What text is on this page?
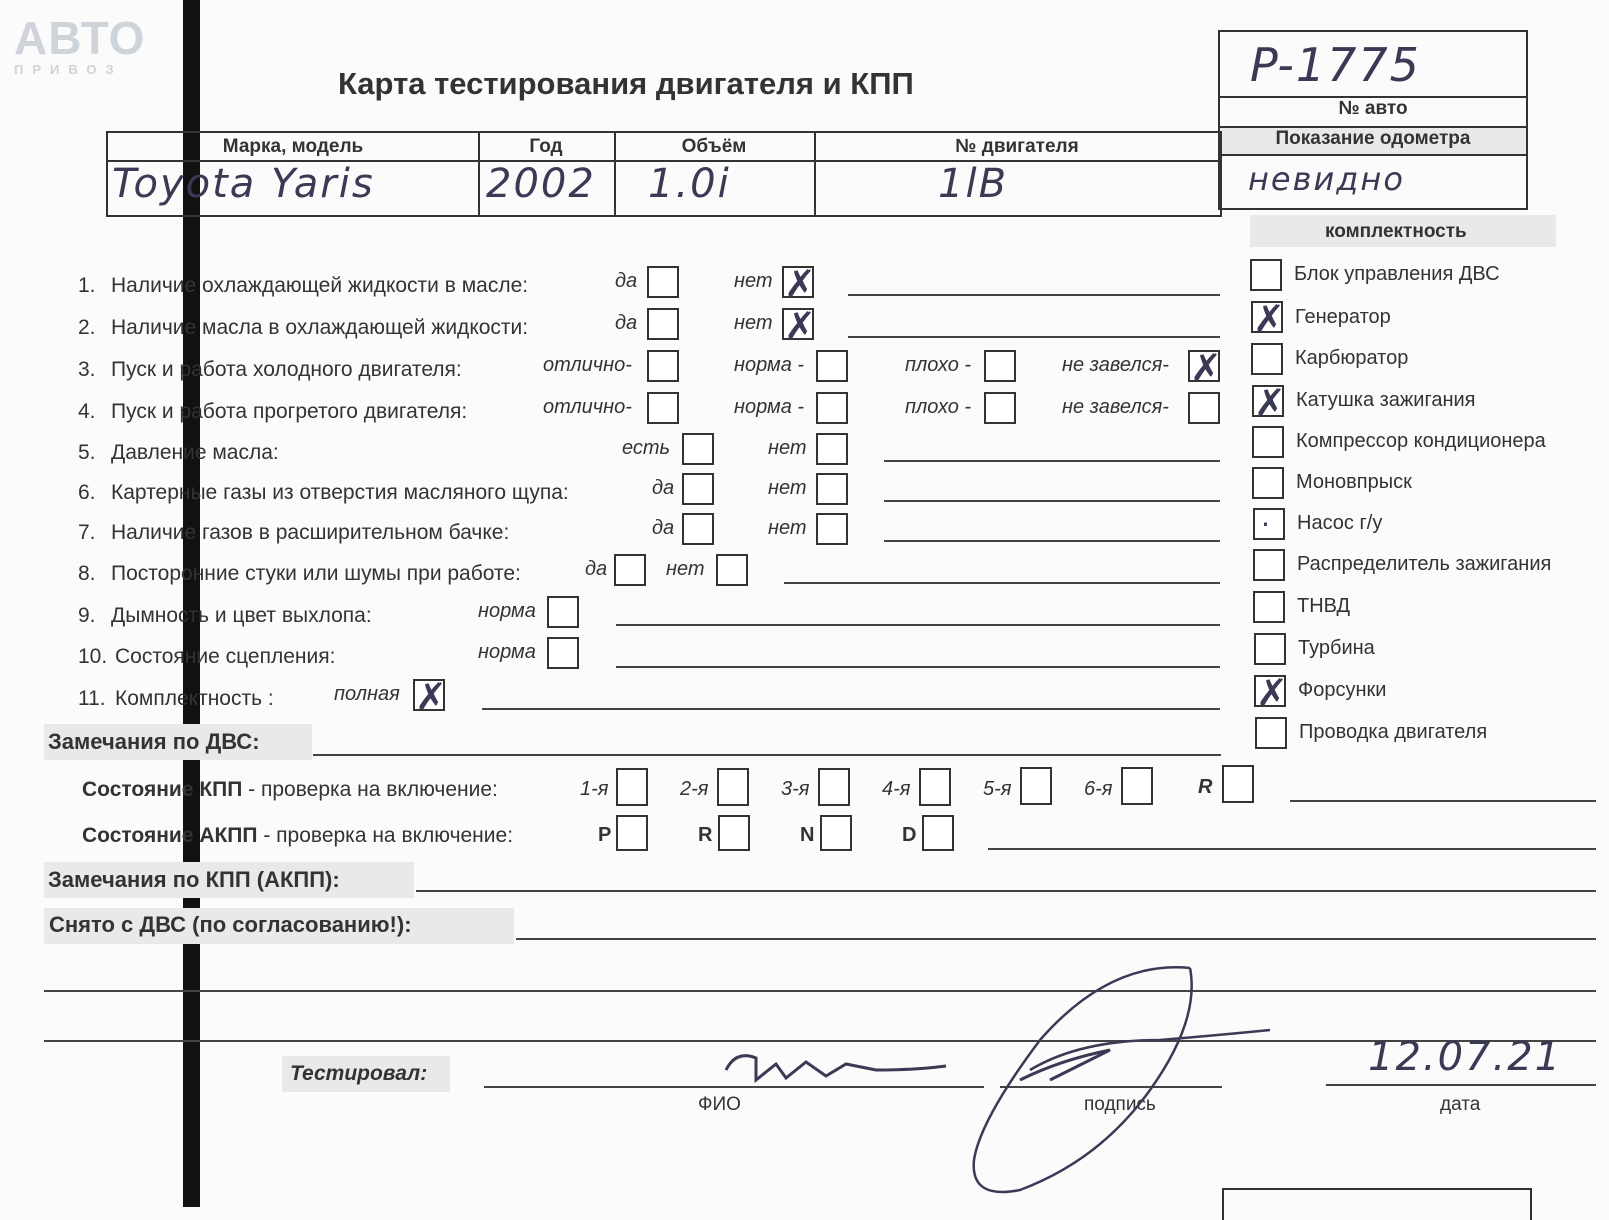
АВТО
ПРИВОЗ	Карта тестирования двигателя и КПП	P-1775
№ авто
Показание одометра
невидно
Марка, модель	Год	Объём	№ двигателя
Toyota Yaris	2002 1.0i	1lB
комплектность
1. Наличие охлаждающей жидкости в масле:	да	нет ✗
2. Наличие масла в охлаждающей жидкости:	да	нет ✗
3. Пуск и работа холодного двигателя:	отлично-	норма -	плохо -	не завелся- ✗
4. Пуск и работа прогретого двигателя:	отлично-	норма -	плохо -	не завелся-
5. Давление масла:	есть	нет
6. Картерные газы из отверстия масляного щупа:	да	нет
7. Наличие газов в расширительном бачке:	да	нет
8. Посторонние стуки или шумы при работе:	да	нет
9. Дымность и цвет выхлопа:	норма
10. Состояние сцепления:	норма
11. Комплектность :	полная ✗
Блок управления ДВС
✗ Генератор
Карбюратор
✗ Катушка зажигания
Компрессор кондиционера
Моновпрыск
· Насос г/у
Распределитель зажигания
ТНВД
Турбина
✗ Форсунки
Проводка двигателя
Замечания по ДВС:
Состояние КПП - проверка на включение:	1-я	2-я	3-я	4-я	5-я	6-я	R
Состояние АКПП - проверка на включение:	P	R	N	D
Замечания по КПП (АКПП):
Снято с ДВС (по согласованию!):
Тестировал:
ФИО	подпись	дата
12.07.21
